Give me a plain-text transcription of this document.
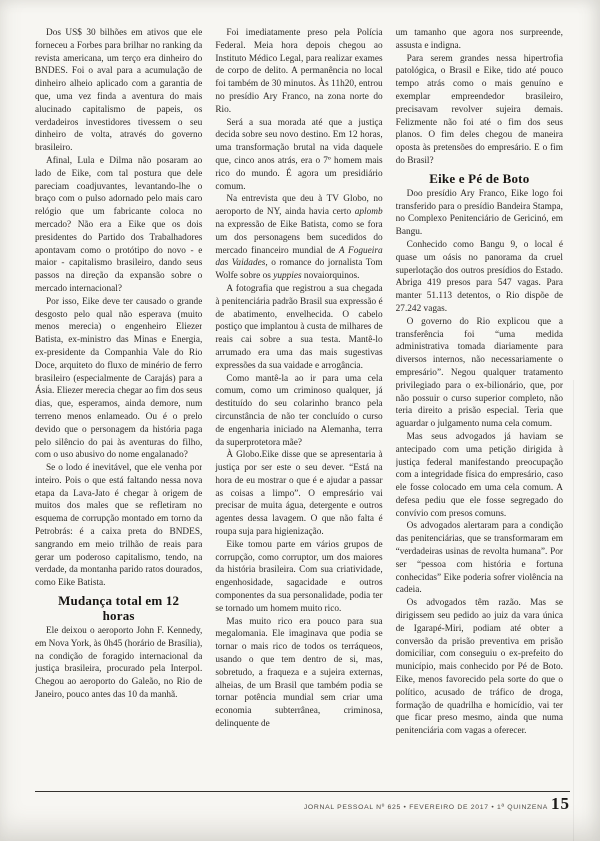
Dos US$ 30 bilhões em ativos que ele forneceu a Forbes para brilhar no ranking da revista americana, um terço era dinheiro do BNDES. Foi o aval para a acumulação de dinheiro alheio aplicado com a garantia de que, uma vez finda a aventura do mais alucinado capitalismo de papeis, os verdadeiros investidores tivessem o seu dinheiro de volta, através do governo brasileiro.

Afinal, Lula e Dilma não posaram ao lado de Eike, com tal postura que dele pareciam coadjuvantes, levantando-lhe o braço com o pulso adornado pelo mais caro relógio que um fabricante coloca no mercado? Não era a Eike que os dois presidentes do Partido dos Trabalhadores apontavam como o protótipo do novo - e maior - capitalismo brasileiro, dando seus passos na direção da expansão sobre o mercado internacional?

Por isso, Eike deve ter causado o grande desgosto pelo qual não esperava (muito menos merecia) o engenheiro Eliezer Batista, ex-ministro das Minas e Energia, ex-presidente da Companhia Vale do Rio Doce, arquiteto do fluxo de minério de ferro brasileiro (especialmente de Carajás) para a Ásia. Eliezer merecia chegar ao fim dos seus dias, que, esperamos, ainda demore, num terreno menos enlameado. Ou é o prelo devido que o personagem da história paga pelo silêncio do pai às aventuras do filho, com o uso abusivo do nome engalanado?

Se o lodo é inevitável, que ele venha por inteiro. Pois o que está faltando nessa nova etapa da Lava-Jato é chegar à origem de muitos dos males que se refletiram no esquema de corrupção montado em torno da Petrobrás: é a caixa preta do BNDES, sangrando em meio trilhão de reais para gerar um poderoso capitalismo, tendo, na verdade, da montanha parido ratos dourados, como Eike Batista.

Mudança total em 12 horas

Ele deixou o aeroporto John F. Kennedy, em Nova York, às 0h45 (horário de Brasília), na condição de foragido internacional da justiça brasileira, procurado pela Interpol. Chegou ao aeroporto do Galeão, no Rio de Janeiro, pouco antes das 10 da manhã.

Foi imediatamente preso pela Polícia Federal. Meia hora depois chegou ao Instituto Médico Legal, para realizar exames de corpo de delito. A permanência no local foi também de 30 minutos. Às 11h20, entrou no presídio Ary Franco, na zona norte do Rio.

Será a sua morada até que a justiça decida sobre seu novo destino. Em 12 horas, uma transformação brutal na vida daquele que, cinco anos atrás, era o 7º homem mais rico do mundo. É agora um presidiário comum.

Na entrevista que deu à TV Globo, no aeroporto de NY, ainda havia certo aplomb na expressão de Eike Batista, como se fora um dos personagens bem sucedidos do mercado financeiro mundial de A Fogueira das Vaidades, o romance do jornalista Tom Wolfe sobre os yuppies novaiorquinos.

A fotografia que registrou a sua chegada à penitenciária padrão Brasil sua expressão é de abatimento, envelhecida. O cabelo postiço que implantou à custa de milhares de reais cai sobre a sua testa. Mantê-lo arrumado era uma das mais sugestivas expressões da sua vaidade e arrogância.

Como mantê-la ao ir para uma cela comum, como um criminoso qualquer, já destituído do seu colarinho branco pela circunstância de não ter concluído o curso de engenharia iniciado na Alemanha, terra da superprotetora mãe?

À Globo.Eike disse que se apresentaria à justiça por ser este o seu dever. “Está na hora de eu mostrar o que é e ajudar a passar as coisas a limpo”. O empresário vai precisar de muita água, detergente e outros agentes dessa lavagem. O que não falta é roupa suja para higienização.

Eike tomou parte em vários grupos de corrupção, como corruptor, um dos maiores da história brasileira. Com sua criatividade, engenhosidade, sagacidade e outros componentes da sua personalidade, podia ter se tornado um homem muito rico.

Mas muito rico era pouco para sua megalomania. Ele imaginava que podia se tornar o mais rico de todos os terráqueos, usando o que tem dentro de si, mas, sobretudo, a fraqueza e a sujeira externas, alheias, de um Brasil que também podia se tornar potência mundial sem criar uma economia subterrânea, criminosa, delinquente de

um tamanho que agora nos surpreende, assusta e indigna.

Para serem grandes nessa hipertrofia patológica, o Brasil e Eike, tido até pouco tempo atrás como o mais genuíno e exemplar empreendedor brasileiro, precisavam revolver sujeira demais. Felizmente não foi até o fim dos seus planos. O fim deles chegou de maneira oposta às pretensões do empresário. E o fim do Brasil?

Eike e Pé de Boto

Doo presídio Ary Franco, Eike logo foi transferido para o presídio Bandeira Stampa, no Complexo Penitenciário de Gericinó, em Bangu.

Conhecido como Bangu 9, o local é quase um oásis no panorama da cruel superlotação dos outros presídios do Estado. Abriga 419 presos para 547 vagas. Para manter 51.113 detentos, o Rio dispõe de 27.242 vagas.

O governo do Rio explicou que a transferência foi “uma medida administrativa tomada diariamente para diversos internos, não necessariamente o empresário”. Negou qualquer tratamento privilegiado para o ex-bilionário, que, por não possuir o curso superior completo, não teria direito a prisão especial. Teria que aguardar o julgamento numa cela comum.

Mas seus advogados já haviam se antecipado com uma petição dirigida à justiça federal manifestando preocupação com a integridade física do empresário, caso ele fosse colocado em uma cela comum. A defesa pediu que ele fosse segregado do convívio com presos comuns.

Os advogados alertaram para a condição das penitenciárias, que se transformaram em “verdadeiras usinas de revolta humana”. Por ser “pessoa com história e fortuna conhecidas” Eike poderia sofrer violência na cadeia.

Os advogados têm razão. Mas se dirigissem seu pedido ao juiz da vara única de Igarapé-Miri, podiam até obter a conversão da prisão preventiva em prisão domiciliar, com conseguiu o ex-prefeito do município, mais conhecido por Pé de Boto. Eike, menos favorecido pela sorte do que o político, acusado de tráfico de droga, formação de quadrilha e homicídio, vai ter que ficar preso mesmo, ainda que numa penitenciária com vagas a oferecer.

JORNAL PESSOAL Nº 625 • FEVEREIRO DE 2017 • 1ª QUINZENA 15
